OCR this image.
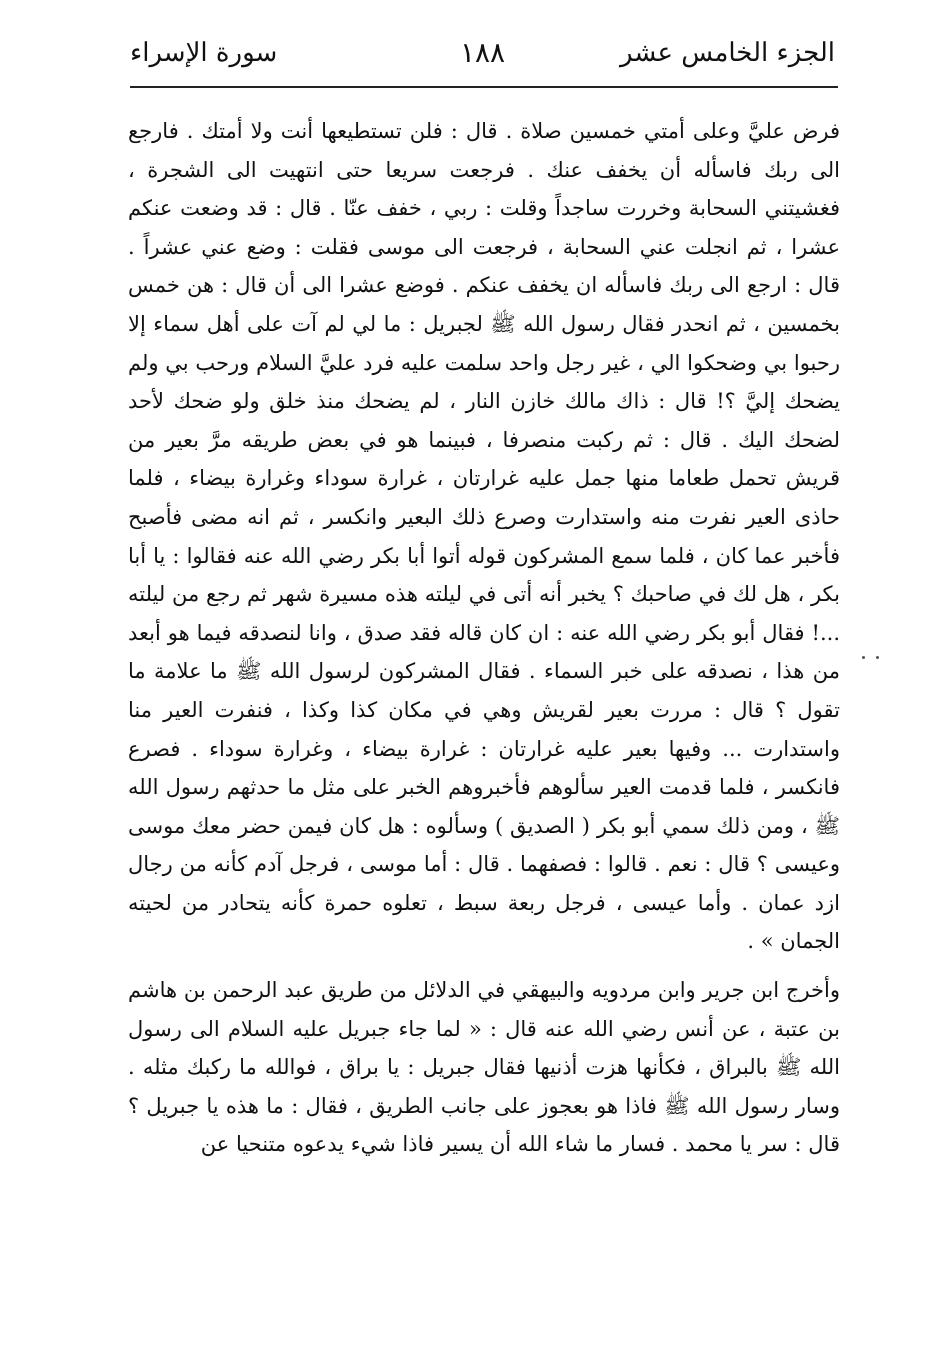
الجزء الخامس عشر
١٨٨
سورة الإسراء

فرض عليَّ وعلى أمتي خمسين صلاة . قال : فلن تستطيعها أنت ولا أمتك . فارجع الى ربك فاسأله أن يخفف عنك . فرجعت سريعا حتى انتهيت الى الشجرة ، فغشيتني السحابة وخررت ساجداً وقلت : ربي ، خفف عنّا . قال : قد وضعت عنكم عشرا ، ثم انجلت عني السحابة ، فرجعت الى موسى فقلت : وضع عني عشراً . قال : ارجع الى ربك فاسأله ان يخفف عنكم . فوضع عشرا الى أن قال : هن خمس بخمسين ، ثم انحدر فقال رسول الله ﷺ لجبريل : ما لي لم آت على أهل سماء إلا رحبوا بي وضحكوا الي ، غير رجل واحد سلمت عليه فرد عليَّ السلام ورحب بي ولم يضحك إليَّ ؟! قال : ذاك مالك خازن النار ، لم يضحك منذ خلق ولو ضحك لأحد لضحك اليك . قال : ثم ركبت منصرفا ، فبينما هو في بعض طريقه مرَّ بعير من قريش تحمل طعاما منها جمل عليه غرارتان ، غرارة سوداء وغرارة بيضاء ، فلما حاذى العير نفرت منه واستدارت وصرع ذلك البعير وانكسر ، ثم انه مضى فأصبح فأخبر عما كان ، فلما سمع المشركون قوله أتوا أبا بكر رضي الله عنه فقالوا : يا أبا بكر ، هل لك في صاحبك ؟ يخبر أنه أتى في ليلته هذه مسيرة شهر ثم رجع من ليلته ...! فقال أبو بكر رضي الله عنه : ان كان قاله فقد صدق ، وانا لنصدقه فيما هو أبعد من هذا ، نصدقه على خبر السماء . فقال المشركون لرسول الله ﷺ ما علامة ما تقول ؟ قال : مررت بعير لقريش وهي في مكان كذا وكذا ، فنفرت العير منا واستدارت ... وفيها بعير عليه غرارتان : غرارة بيضاء ، وغرارة سوداء . فصرع فانكسر ، فلما قدمت العير سألوهم فأخبروهم الخبر على مثل ما حدثهم رسول الله ﷺ ، ومن ذلك سمي أبو بكر ( الصديق ) وسألوه : هل كان فيمن حضر معك موسى وعيسى ؟ قال : نعم . قالوا : فصفهما . قال : أما موسى ، فرجل آدم كأنه من رجال ازد عمان . وأما عيسى ، فرجل ربعة سبط ، تعلوه حمرة كأنه يتحادر من لحيته الجمان » .

وأخرج ابن جرير وابن مردويه والبيهقي في الدلائل من طريق عبد الرحمن بن هاشم بن عتبة ، عن أنس رضي الله عنه قال : « لما جاء جبريل عليه السلام الى رسول الله ﷺ بالبراق ، فكأنها هزت أذنيها فقال جبريل : يا براق ، فوالله ما ركبك مثله . وسار رسول الله ﷺ فاذا هو بعجوز على جانب الطريق ، فقال : ما هذه يا جبريل ؟ قال : سر يا محمد . فسار ما شاء الله أن يسير فاذا شيء يدعوه متنحيا عن
